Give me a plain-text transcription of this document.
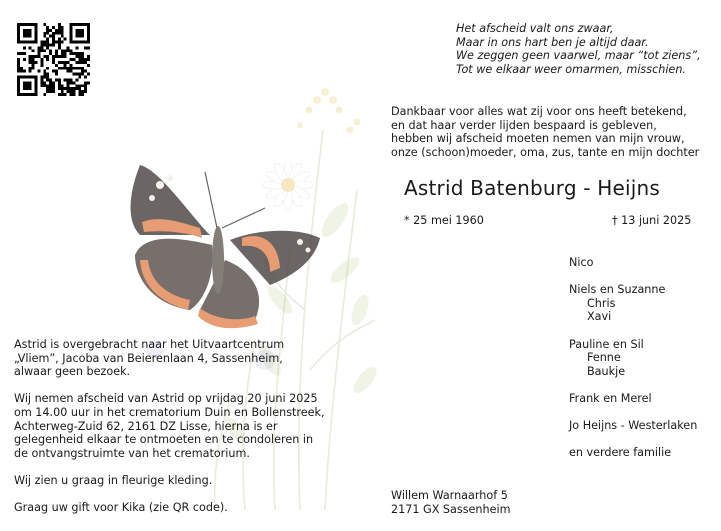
Het afscheid valt ons zwaar,
Maar in ons hart ben je altijd daar.
We zeggen geen vaarwel, maar “tot ziens”,
Tot we elkaar weer omarmen, misschien.
Dankbaar voor alles wat zij voor ons heeft betekend,
en dat haar verder lijden bespaard is gebleven,
hebben wij afscheid moeten nemen van mijn vrouw,
onze (schoon)moeder, oma, zus, tante en mijn dochter
Astrid Batenburg - Heijns
* 25 mei 1960	† 13 juni 2025
Nico

Niels en Suzanne
Chris
Xavi

Pauline en Sil
Fenne
Baukje

Frank en Merel

Jo Heijns - Westerlaken

en verdere familie
Astrid is overgebracht naar het Uitvaartcentrum
„Vliem”, Jacoba van Beierenlaan 4, Sassenheim,
alwaar geen bezoek.

Wij nemen afscheid van Astrid op vrijdag 20 juni 2025
om 14.00 uur in het crematorium Duin en Bollenstreek,
Achterweg-Zuid 62, 2161 DZ Lisse, hierna is er
gelegenheid elkaar te ontmoeten en te condoleren in
de ontvangstruimte van het crematorium.

Wij zien u graag in fleurige kleding.

Graag uw gift voor Kika (zie QR code).
Willem Warnaarhof 5
2171 GX Sassenheim
